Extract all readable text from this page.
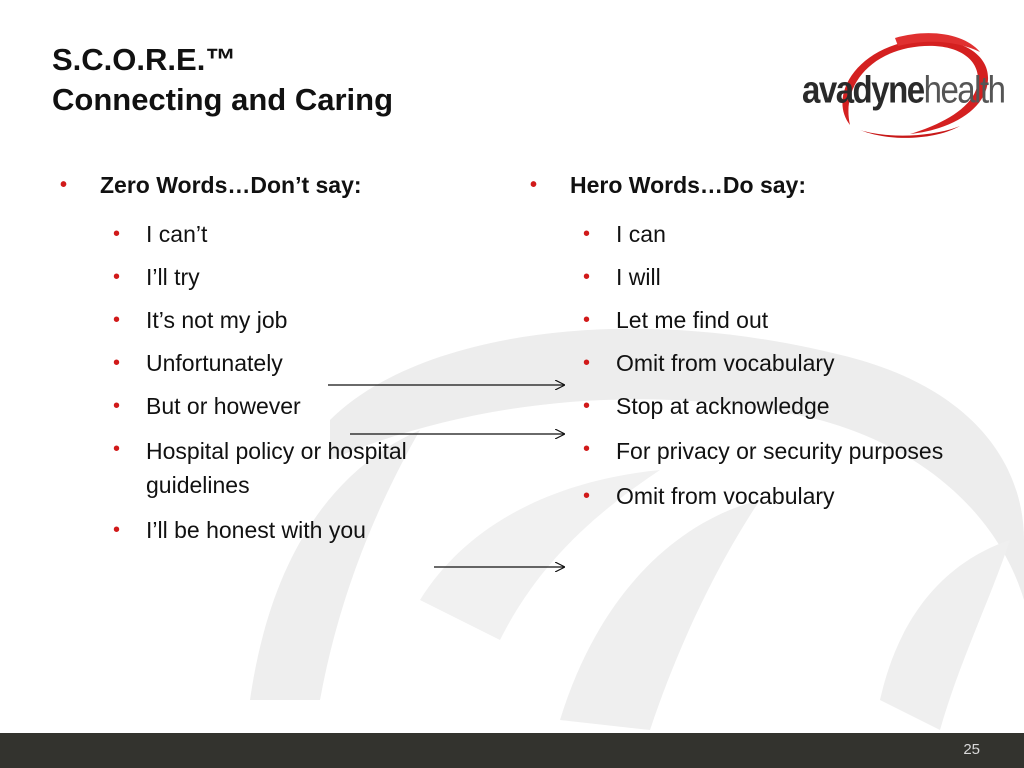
S.C.O.R.E.™
Connecting and Caring	avadynehealth
• Zero Words…Don’t say:
• I can’t
• I’ll try
• It’s not my job
• Unfortunately
• But or however
• Hospital policy or hospital guidelines
• I’ll be honest with you
• Hero Words…Do say:
• I can
• I will
• Let me find out
• Omit from vocabulary
• Stop at acknowledge
• For privacy or security purposes
• Omit from vocabulary
25
